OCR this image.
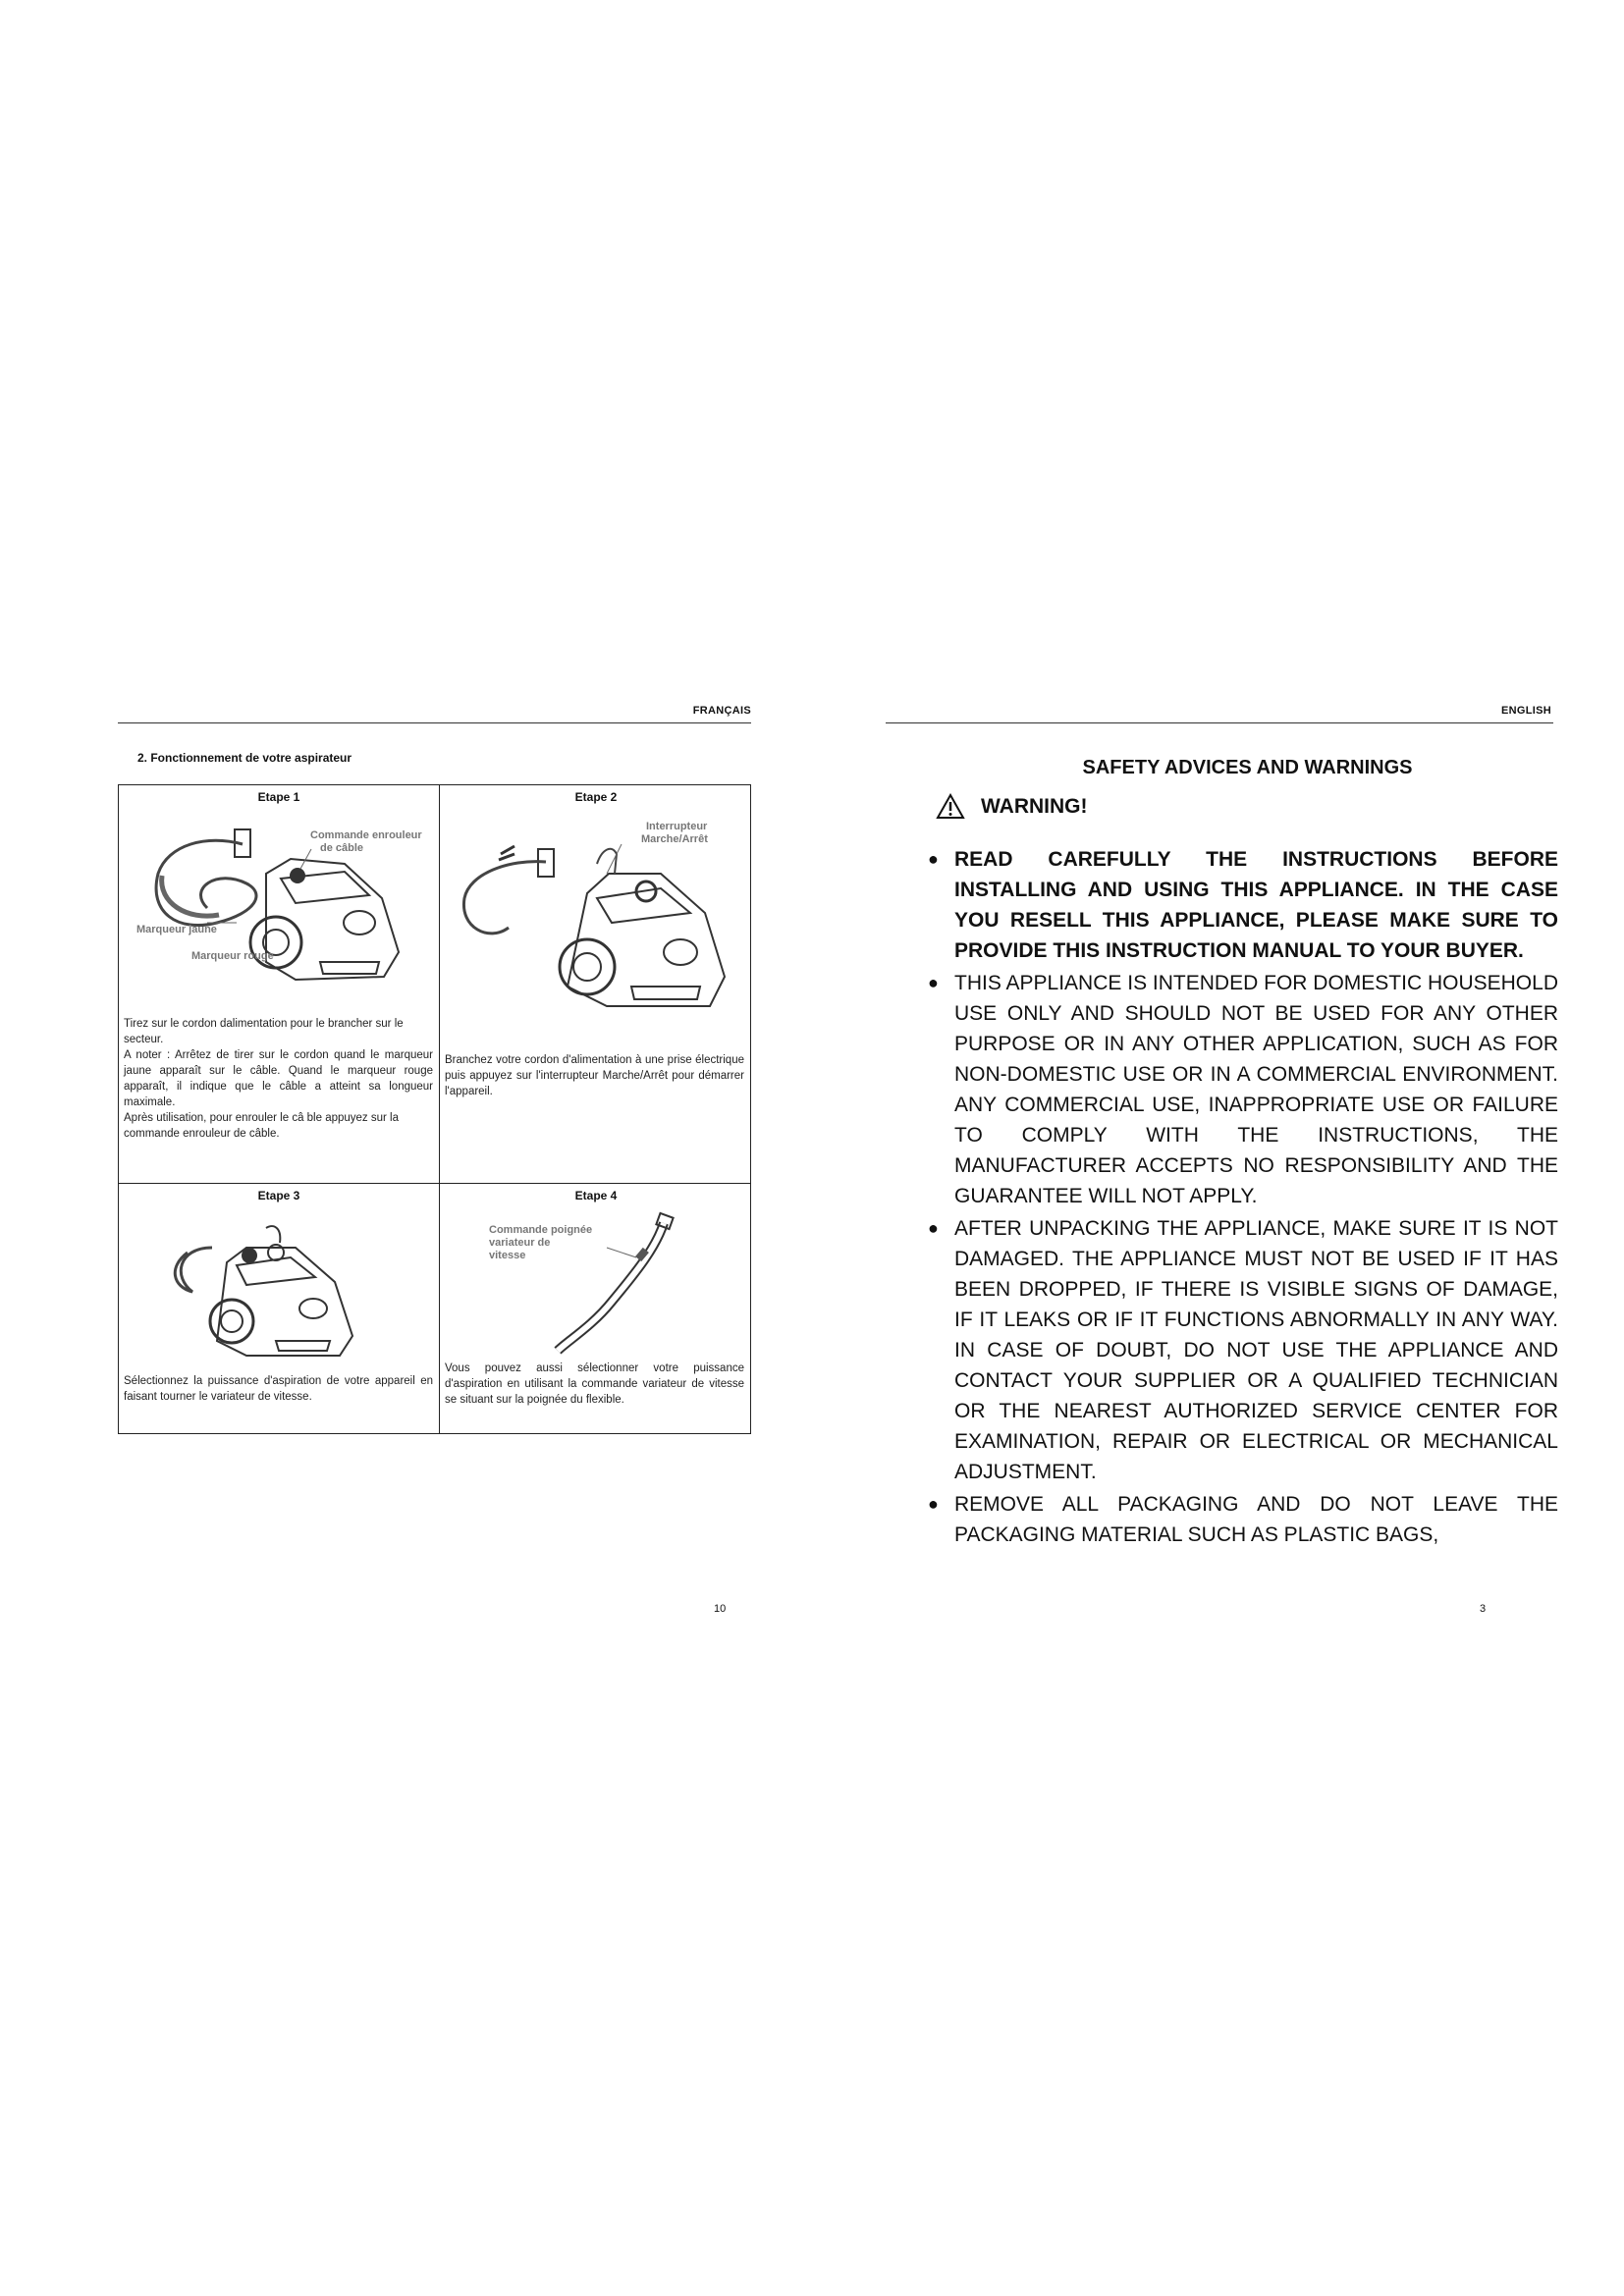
FRANÇAIS
2. Fonctionnement de votre aspirateur
Etape 1
Commande enrouleur
de câble
Marqueur jaune
Marqueur rouge

Tirez sur le cordon dalimentation pour le brancher sur le secteur.

A noter : Arrêtez de tirer sur le cordon quand le marqueur jaune apparaît sur le câble. Quand le marqueur rouge apparaît, il indique que le câble a atteint sa longueur maximale.

Après utilisation, pour enrouler le câ ble appuyez sur la commande enrouleur de câble.

Etape 2
Interrupteur
Marche/Arrêt
Branchez votre cordon d'alimentation à une prise électrique puis appuyez sur l'interrupteur Marche/Arrêt pour démarrer l'appareil.
Etape 3
Sélectionnez la puissance d'aspiration de votre appareil en faisant tourner le variateur de vitesse.
Etape 4
Commande poignée
variateur de
vitesse
Vous pouvez aussi sélectionner votre puissance d'aspiration en utilisant la commande variateur de vitesse se situant sur la poignée du flexible.
10
ENGLISH
SAFETY ADVICES AND WARNINGS
WARNING!
● READ CAREFULLY THE INSTRUCTIONS BEFORE INSTALLING AND USING THIS APPLIANCE. IN THE CASE YOU RESELL THIS APPLIANCE, PLEASE MAKE SURE TO PROVIDE THIS INSTRUCTION MANUAL TO YOUR BUYER.
● THIS APPLIANCE IS INTENDED FOR DOMESTIC HOUSEHOLD USE ONLY AND SHOULD NOT BE USED FOR ANY OTHER PURPOSE OR IN ANY OTHER APPLICATION, SUCH AS FOR NON-DOMESTIC USE OR IN A COMMERCIAL ENVIRONMENT. ANY COMMERCIAL USE, INAPPROPRIATE USE OR FAILURE TO COMPLY WITH THE INSTRUCTIONS, THE MANUFACTURER ACCEPTS NO RESPONSIBILITY AND THE GUARANTEE WILL NOT APPLY.
● AFTER UNPACKING THE APPLIANCE, MAKE SURE IT IS NOT DAMAGED. THE APPLIANCE MUST NOT BE USED IF IT HAS BEEN DROPPED, IF THERE IS VISIBLE SIGNS OF DAMAGE, IF IT LEAKS OR IF IT FUNCTIONS ABNORMALLY IN ANY WAY. IN CASE OF DOUBT, DO NOT USE THE APPLIANCE AND CONTACT YOUR SUPPLIER OR A QUALIFIED TECHNICIAN OR THE NEAREST AUTHORIZED SERVICE CENTER FOR EXAMINATION, REPAIR OR ELECTRICAL OR MECHANICAL ADJUSTMENT.
● REMOVE ALL PACKAGING AND DO NOT LEAVE THE PACKAGING MATERIAL SUCH AS PLASTIC BAGS,
3
